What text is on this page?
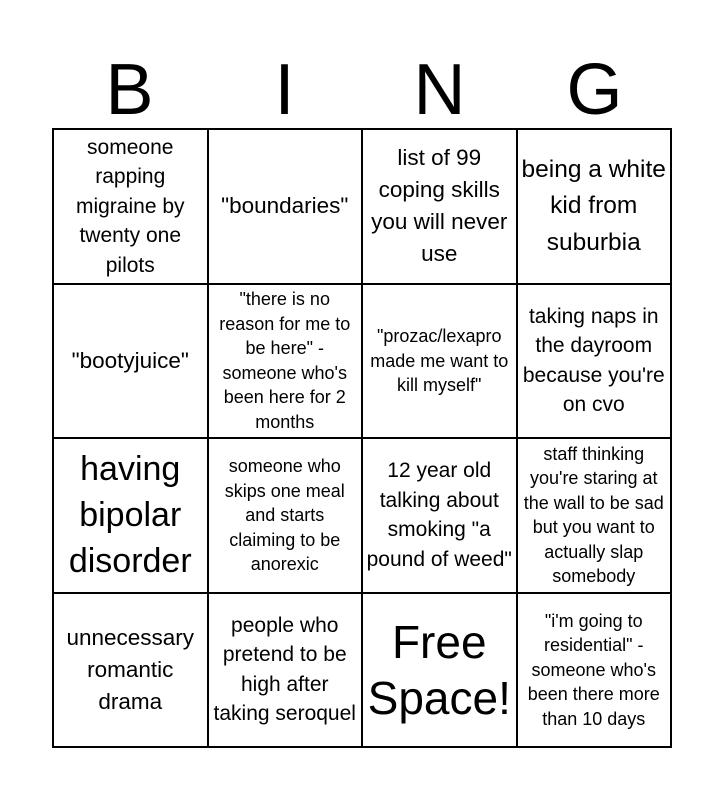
B	I	N	G
someone rapping migraine by twenty one pilots
"boundaries"
list of 99 coping skills you will never use
being a white kid from suburbia
"bootyjuice"
"there is no reason for me to be here" - someone who's been here for 2 months
"prozac/lexapro made me want to kill myself"
taking naps in the dayroom because you're on cvo
having bipolar disorder
someone who skips one meal and starts claiming to be anorexic
12 year old talking about smoking "a pound of weed"
staff thinking you're staring at the wall to be sad but you want to actually slap somebody
unnecessary romantic drama
people who pretend to be high after taking seroquel
Free Space!
"i'm going to residential" - someone who's been there more than 10 days
